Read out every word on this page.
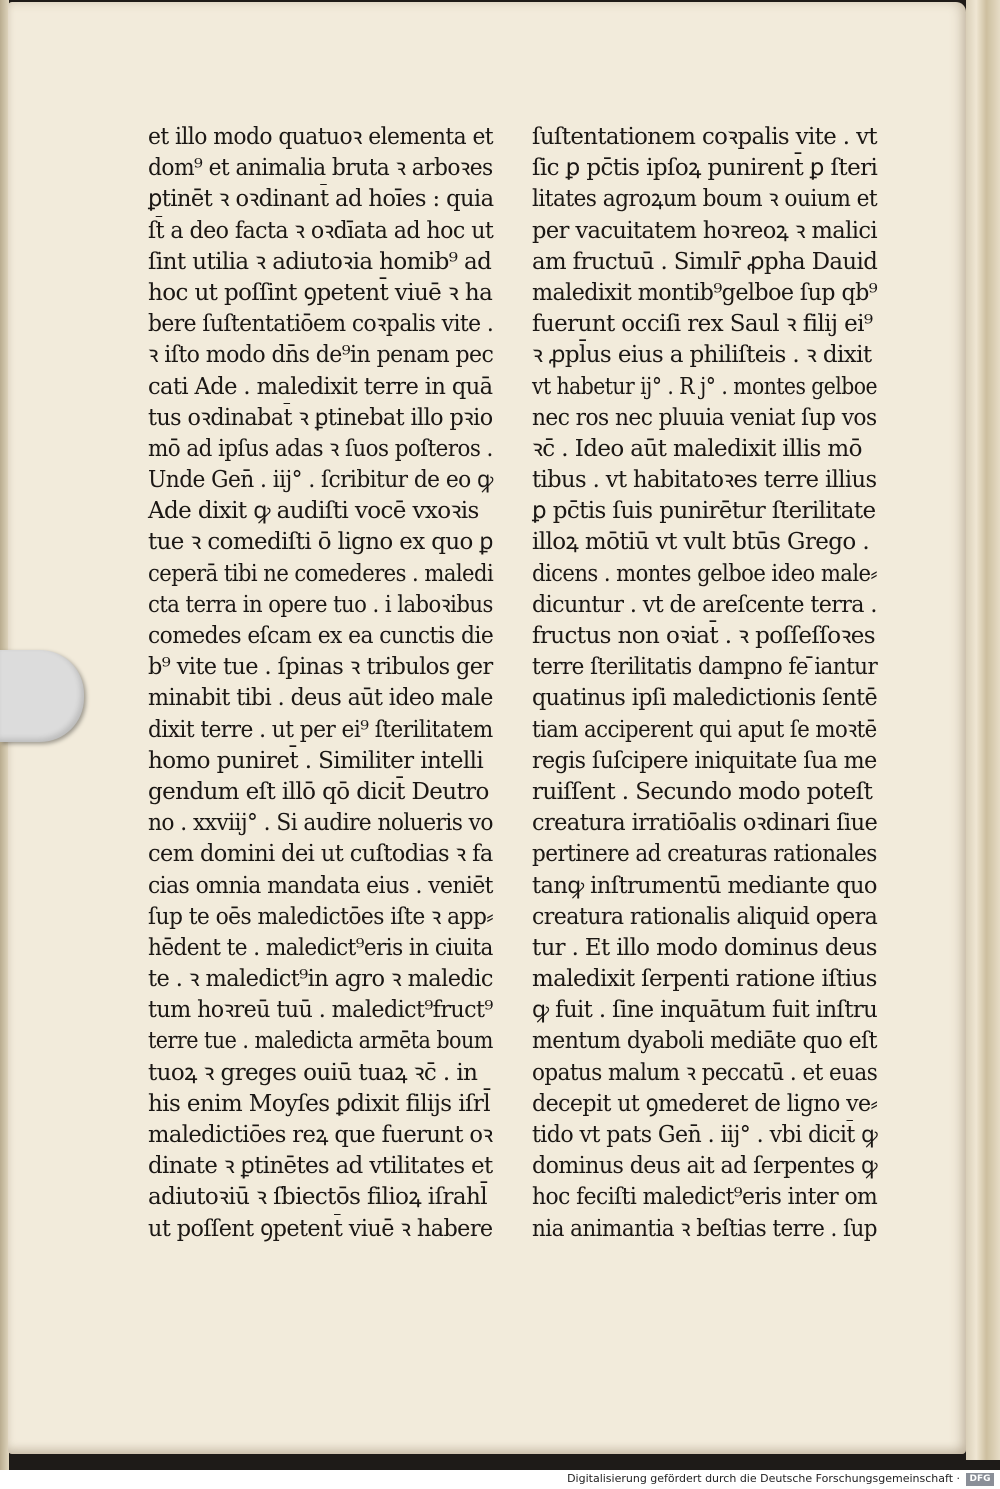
et illo modo quatuoꝛ elementa et
dom⁹ et animalia bruta ꝛ arboꝛes
ꝑtinēt ꝛ oꝛdinant̄ ad hoīes : quia
ſt̄ a deo facta ꝛ oꝛdīata ad hoc ut
ſint utilia ꝛ adiutoꝛia homib⁹ ad
hoc ut poſſint ꝯpetent̄ viuē ꝛ ha
bere ſuſtentatiōem coꝛpalis vite .
ꝛ iſto modo dn̄s de⁹in penam pec
cati Ade . maledixit terre in quā
tus oꝛdinabat̄ ꝛ ꝑtinebat illo pꝛio
mō ad ipſus adas ꝛ ſuos poſteros .
Unde Gen̄ . iij° . ſcribitur de eo ꝙ
Ade dixit ꝙ audiſti vocē vxoꝛis
tue ꝛ comediſti ō ligno ex quo ꝑ
ceperā tibi ne comederes . maledi
cta terra in opere tuo . i laboꝛibus
comedes eſcam ex ea cunctis die
b⁹ vite tue . ſpinas ꝛ tribulos ger
minabit tibi . deus aūt ideo male
dixit terre . ut per ei⁹ ſterilitatem
homo puniret̄ . Similiter intelli
gendum eſt illō qō dicit̄ Deutro
no . xxviij° . Si audire nolueris vo
cem domini dei ut cuſtodias ꝛ fa
cias omnia mandata eius . veniēt
ſup te oēs maledictōes iſte ꝛ app⸗
hēdent te . maledict⁹eris in ciuita
te . ꝛ maledict⁹in agro ꝛ maledic
tum hoꝛreū tuū . maledict⁹fruct⁹
terre tue . maledicta armēta boum
tuoꝝ ꝛ greges ouiū tuaꝝ ꝛc̄ . in
his enim Moyſes ꝑdixit filijs iſrl̄
maledictiōes reꝝ que fuerunt oꝛ
dinate ꝛ ꝑtinētes ad vtilitates et
adiutoꝛiū ꝛ ſbiectōs filioꝝ iſrahl̄
ut poſſent ꝯpetent̄ viuē ꝛ habere
ſuſtentationem coꝛpalis vite . vt
ſic ꝑ pc̄tis ipſoꝝ punirent̄ ꝑ ſteri
litates agroꝝum boum ꝛ ouium et
per vacuitatem hoꝛreoꝝ ꝛ malici
am fructuū . Simılr̄ ꝓpha Dauid
maledixit montib⁹gelboe ſup qb⁹
fuerunt occiſi rex Saul ꝛ filij ei⁹
ꝛ ꝓpl̄us eius a philiſteis . ꝛ dixit
vt habetur ij° . R j° . montes gelboe
nec ros nec pluuia veniat ſup vos
ꝛc̄ . Ideo aūt maledixit illis mō
tibus . vt habitatoꝛes terre illius
ꝑ pc̄tis ſuis punirētur ſterilitate
illoꝝ mōtiū vt vult btūs Grego .
dicens . montes gelboe ideo male⸗
dicuntur . vt de areſcente terra .
fructus non oꝛiat̄ . ꝛ poſſeſſoꝛes
terre ſterilitatis dampno fe ̄iantur
quatinus ipſi maledictionis ſentē
tiam acciperent qui aput ſe moꝛtē
regis ſuſcipere iniquitate ſua me
ruiſſent . Secundo modo poteſt
creatura irratiōalis oꝛdinari ſiue
pertinere ad creaturas rationales
tanꝙ inſtrumentū mediante quo
creatura rationalis aliquid opera
tur . Et illo modo dominus deus
maledixit ſerpenti ratione iſtius
ꝙ fuit . ſine inquātum fuit inſtru
mentum dyaboli mediāte quo eſt
opatus malum ꝛ peccatū . et euas
decepit ut ꝯmederet de ligno ve⸗
tido vt pats Gen̄ . iij° . vbi dicit̄ ꝙ
dominus deus ait ad ſerpentes ꝙ
hoc feciſti maledict⁹eris inter om
nia animantia ꝛ beſtias terre . ſup
Digitalisierung gefördert durch die Deutsche Forschungsgemeinschaft ·	DFG
